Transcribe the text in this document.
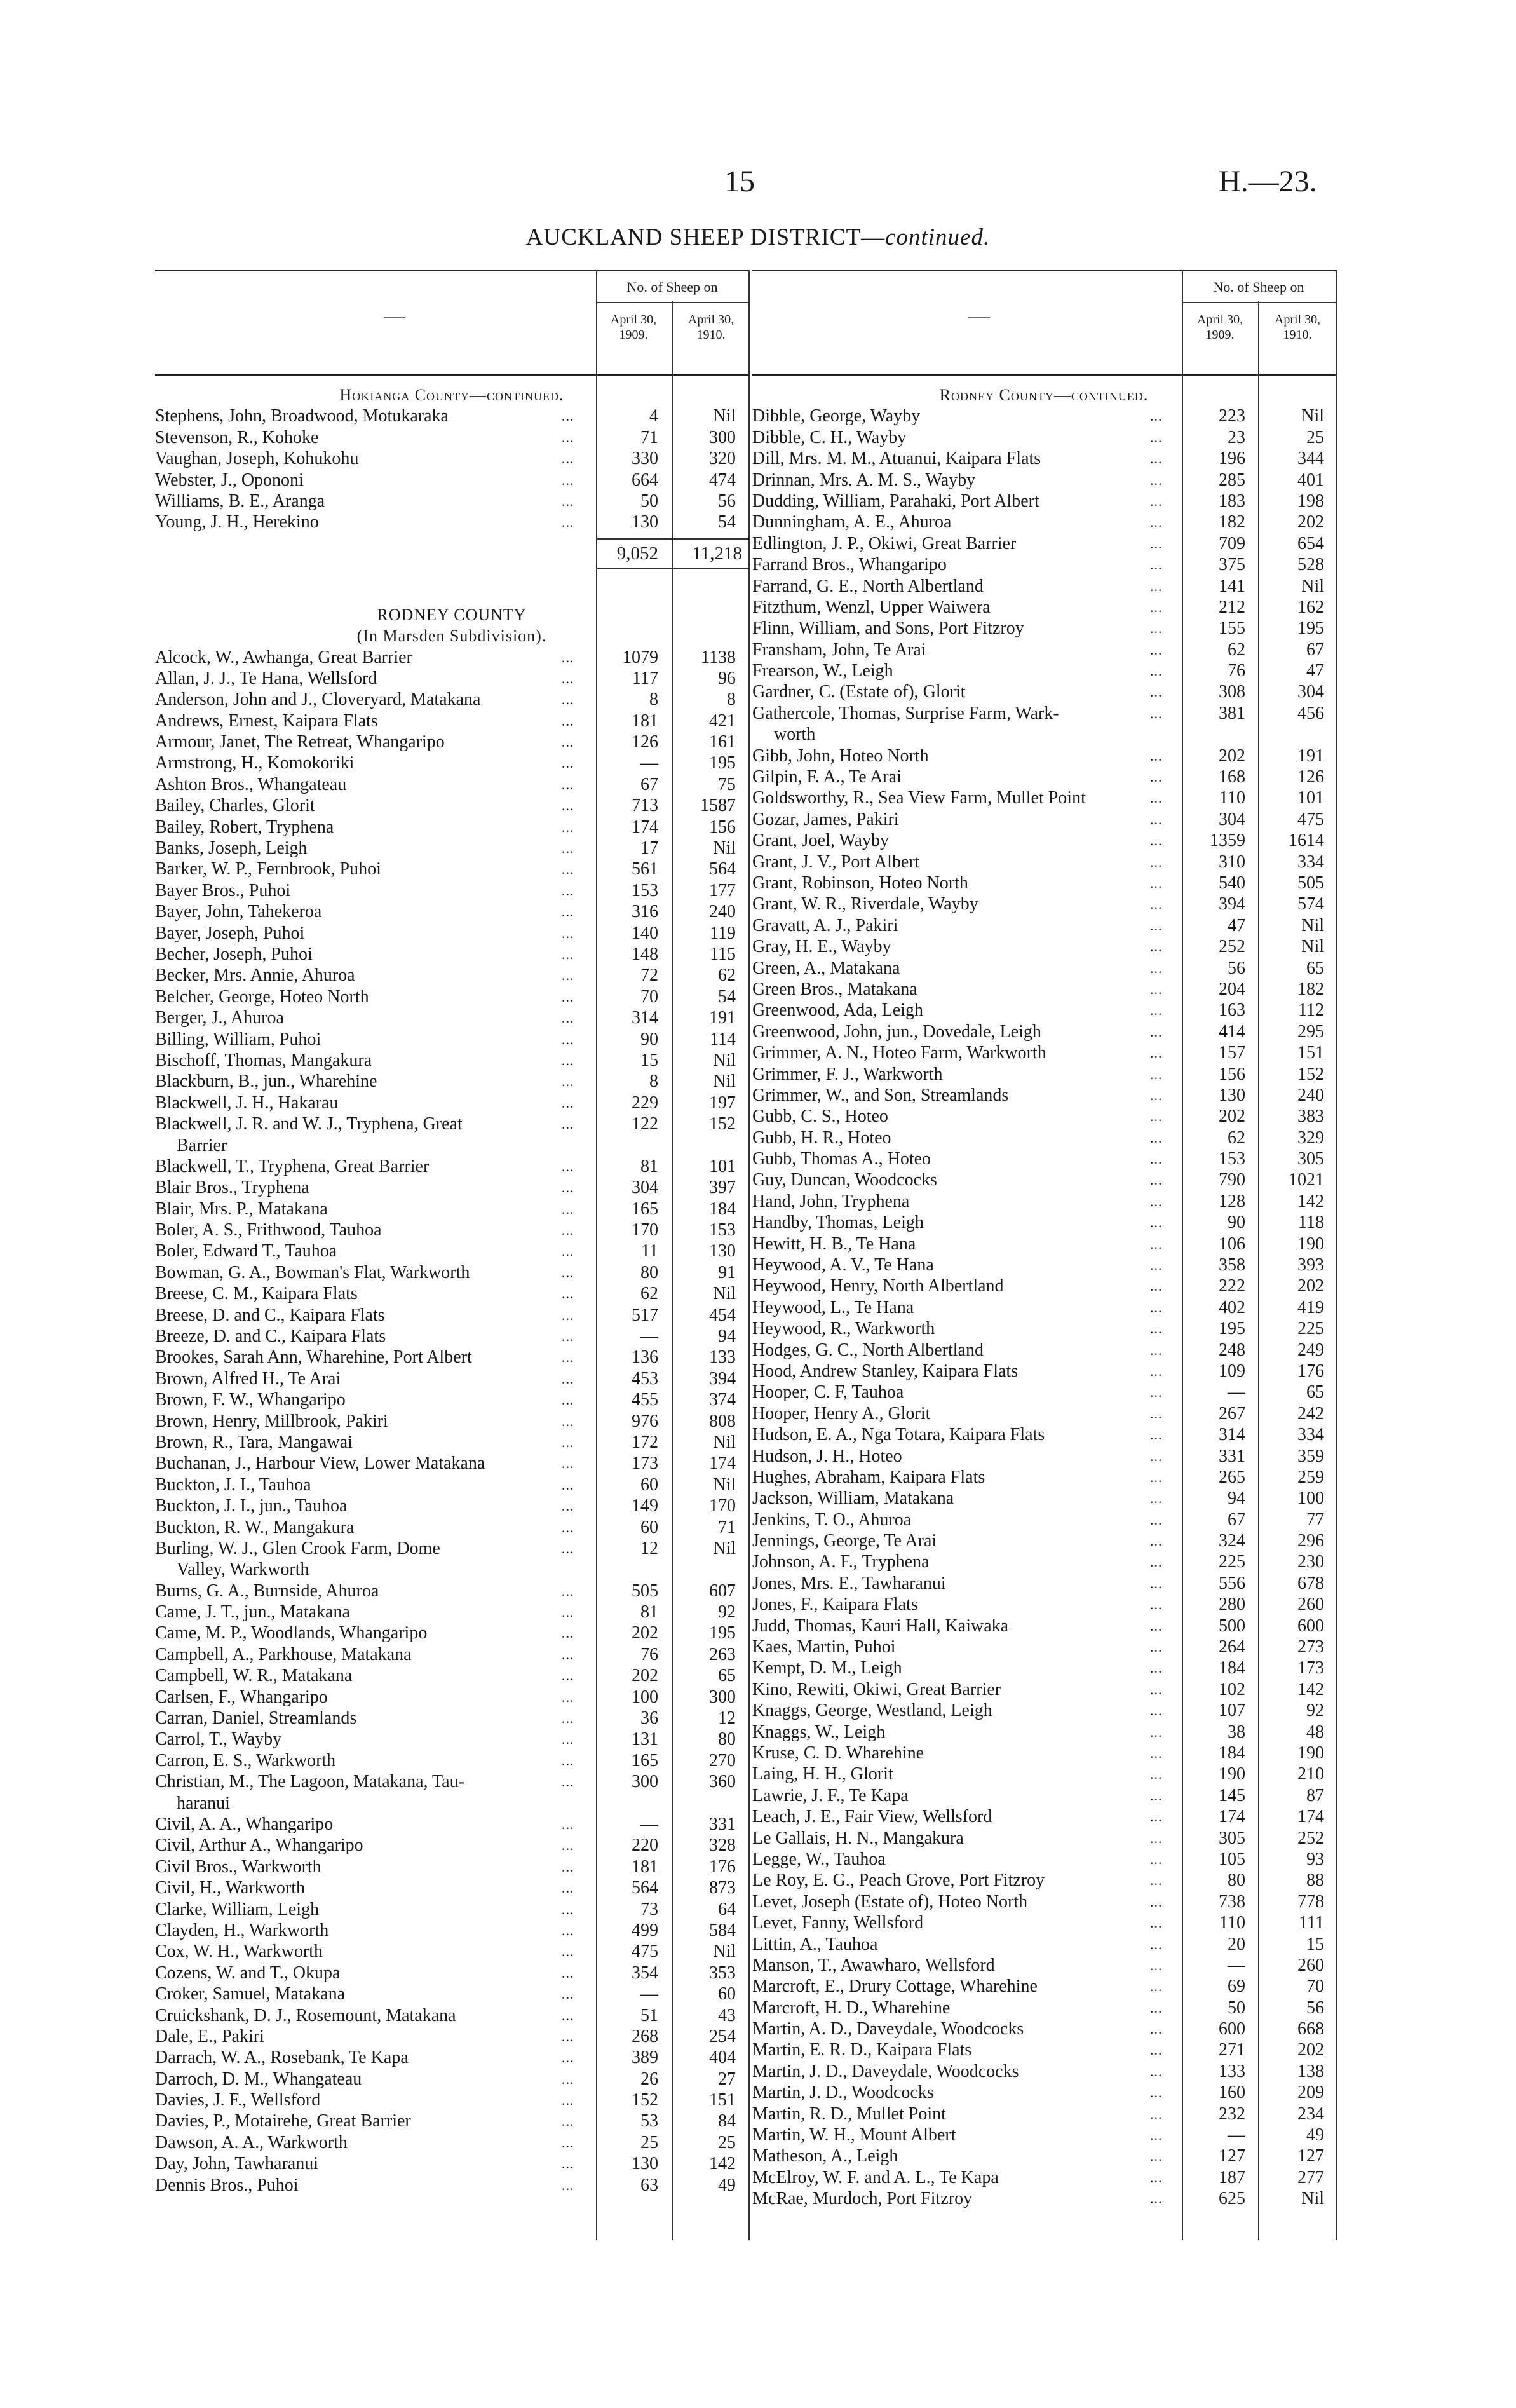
15	H.—23.
AUCKLAND SHEEP DISTRICT—continued.
—
No. of Sheep on
April 30,
1909.
April 30,
1910.
Hokianga County—continued.
Stephens, John, Broadwood, Motukaraka	...	4	Nil
Stevenson, R., Kohoke	...	71	300
Vaughan, Joseph, Kohukohu	...	330	320
Webster, J., Opononi	...	664	474
Williams, B. E., Aranga	...	50	56
Young, J. H., Herekino	...	130	54
9,052	11,218
RODNEY COUNTY
(In Marsden Subdivision).
Alcock, W., Awhanga, Great Barrier	...	1079	1138
Allan, J. J., Te Hana, Wellsford	...	117	96
Anderson, John and J., Cloveryard, Matakana	...	8	8
Andrews, Ernest, Kaipara Flats	...	181	421
Armour, Janet, The Retreat, Whangaripo	...	126	161
Armstrong, H., Komokoriki	...	—	195
Ashton Bros., Whangateau	...	67	75
Bailey, Charles, Glorit	...	713	1587
Bailey, Robert, Tryphena	...	174	156
Banks, Joseph, Leigh	...	17	Nil
Barker, W. P., Fernbrook, Puhoi	...	561	564
Bayer Bros., Puhoi	...	153	177
Bayer, John, Tahekeroa	...	316	240
Bayer, Joseph, Puhoi	...	140	119
Becher, Joseph, Puhoi	...	148	115
Becker, Mrs. Annie, Ahuroa	...	72	62
Belcher, George, Hoteo North	...	70	54
Berger, J., Ahuroa	...	314	191
Billing, William, Puhoi	...	90	114
Bischoff, Thomas, Mangakura	...	15	Nil
Blackburn, B., jun., Wharehine	...	8	Nil
Blackwell, J. H., Hakarau	...	229	197
Blackwell, J. R. and W. J., Tryphena, Great	...	122	152
Barrier
Blackwell, T., Tryphena, Great Barrier	...	81	101
Blair Bros., Tryphena	...	304	397
Blair, Mrs. P., Matakana	...	165	184
Boler, A. S., Frithwood, Tauhoa	...	170	153
Boler, Edward T., Tauhoa	...	11	130
Bowman, G. A., Bowman's Flat, Warkworth	...	80	91
Breese, C. M., Kaipara Flats	...	62	Nil
Breese, D. and C., Kaipara Flats	...	517	454
Breeze, D. and C., Kaipara Flats	...	—	94
Brookes, Sarah Ann, Wharehine, Port Albert	...	136	133
Brown, Alfred H., Te Arai	...	453	394
Brown, F. W., Whangaripo	...	455	374
Brown, Henry, Millbrook, Pakiri	...	976	808
Brown, R., Tara, Mangawai	...	172	Nil
Buchanan, J., Harbour View, Lower Matakana	...	173	174
Buckton, J. I., Tauhoa	...	60	Nil
Buckton, J. I., jun., Tauhoa	...	149	170
Buckton, R. W., Mangakura	...	60	71
Burling, W. J., Glen Crook Farm, Dome	...	12	Nil
Valley, Warkworth
Burns, G. A., Burnside, Ahuroa	...	505	607
Came, J. T., jun., Matakana	...	81	92
Came, M. P., Woodlands, Whangaripo	...	202	195
Campbell, A., Parkhouse, Matakana	...	76	263
Campbell, W. R., Matakana	...	202	65
Carlsen, F., Whangaripo	...	100	300
Carran, Daniel, Streamlands	...	36	12
Carrol, T., Wayby	...	131	80
Carron, E. S., Warkworth	...	165	270
Christian, M., The Lagoon, Matakana, Tau-	...	300	360
haranui
Civil, A. A., Whangaripo	...	—	331
Civil, Arthur A., Whangaripo	...	220	328
Civil Bros., Warkworth	...	181	176
Civil, H., Warkworth	...	564	873
Clarke, William, Leigh	...	73	64
Clayden, H., Warkworth	...	499	584
Cox, W. H., Warkworth	...	475	Nil
Cozens, W. and T., Okupa	...	354	353
Croker, Samuel, Matakana	...	—	60
Cruickshank, D. J., Rosemount, Matakana	...	51	43
Dale, E., Pakiri	...	268	254
Darrach, W. A., Rosebank, Te Kapa	...	389	404
Darroch, D. M., Whangateau	...	26	27
Davies, J. F., Wellsford	...	152	151
Davies, P., Motairehe, Great Barrier	...	53	84
Dawson, A. A., Warkworth	...	25	25
Day, John, Tawharanui	...	130	142
Dennis Bros., Puhoi	...	63	49
—
No. of Sheep on
April 30,
1909.
April 30,
1910.
Rodney County—continued.
Dibble, George, Wayby	...	223	Nil
Dibble, C. H., Wayby	...	23	25
Dill, Mrs. M. M., Atuanui, Kaipara Flats	...	196	344
Drinnan, Mrs. A. M. S., Wayby	...	285	401
Dudding, William, Parahaki, Port Albert	...	183	198
Dunningham, A. E., Ahuroa	...	182	202
Edlington, J. P., Okiwi, Great Barrier	...	709	654
Farrand Bros., Whangaripo	...	375	528
Farrand, G. E., North Albertland	...	141	Nil
Fitzthum, Wenzl, Upper Waiwera	...	212	162
Flinn, William, and Sons, Port Fitzroy	...	155	195
Fransham, John, Te Arai	...	62	67
Frearson, W., Leigh	...	76	47
Gardner, C. (Estate of), Glorit	...	308	304
Gathercole, Thomas, Surprise Farm, Wark-	...	381	456
worth
Gibb, John, Hoteo North	...	202	191
Gilpin, F. A., Te Arai	...	168	126
Goldsworthy, R., Sea View Farm, Mullet Point	...	110	101
Gozar, James, Pakiri	...	304	475
Grant, Joel, Wayby	...	1359	1614
Grant, J. V., Port Albert	...	310	334
Grant, Robinson, Hoteo North	...	540	505
Grant, W. R., Riverdale, Wayby	...	394	574
Gravatt, A. J., Pakiri	...	47	Nil
Gray, H. E., Wayby	...	252	Nil
Green, A., Matakana	...	56	65
Green Bros., Matakana	...	204	182
Greenwood, Ada, Leigh	...	163	112
Greenwood, John, jun., Dovedale, Leigh	...	414	295
Grimmer, A. N., Hoteo Farm, Warkworth	...	157	151
Grimmer, F. J., Warkworth	...	156	152
Grimmer, W., and Son, Streamlands	...	130	240
Gubb, C. S., Hoteo	...	202	383
Gubb, H. R., Hoteo	...	62	329
Gubb, Thomas A., Hoteo	...	153	305
Guy, Duncan, Woodcocks	...	790	1021
Hand, John, Tryphena	...	128	142
Handby, Thomas, Leigh	...	90	118
Hewitt, H. B., Te Hana	...	106	190
Heywood, A. V., Te Hana	...	358	393
Heywood, Henry, North Albertland	...	222	202
Heywood, L., Te Hana	...	402	419
Heywood, R., Warkworth	...	195	225
Hodges, G. C., North Albertland	...	248	249
Hood, Andrew Stanley, Kaipara Flats	...	109	176
Hooper, C. F, Tauhoa	...	—	65
Hooper, Henry A., Glorit	...	267	242
Hudson, E. A., Nga Totara, Kaipara Flats	...	314	334
Hudson, J. H., Hoteo	...	331	359
Hughes, Abraham, Kaipara Flats	...	265	259
Jackson, William, Matakana	...	94	100
Jenkins, T. O., Ahuroa	...	67	77
Jennings, George, Te Arai	...	324	296
Johnson, A. F., Tryphena	...	225	230
Jones, Mrs. E., Tawharanui	...	556	678
Jones, F., Kaipara Flats	...	280	260
Judd, Thomas, Kauri Hall, Kaiwaka	...	500	600
Kaes, Martin, Puhoi	...	264	273
Kempt, D. M., Leigh	...	184	173
Kino, Rewiti, Okiwi, Great Barrier	...	102	142
Knaggs, George, Westland, Leigh	...	107	92
Knaggs, W., Leigh	...	38	48
Kruse, C. D. Wharehine	...	184	190
Laing, H. H., Glorit	...	190	210
Lawrie, J. F., Te Kapa	...	145	87
Leach, J. E., Fair View, Wellsford	...	174	174
Le Gallais, H. N., Mangakura	...	305	252
Legge, W., Tauhoa	...	105	93
Le Roy, E. G., Peach Grove, Port Fitzroy	...	80	88
Levet, Joseph (Estate of), Hoteo North	...	738	778
Levet, Fanny, Wellsford	...	110	111
Littin, A., Tauhoa	...	20	15
Manson, T., Awawharo, Wellsford	...	—	260
Marcroft, E., Drury Cottage, Wharehine	...	69	70
Marcroft, H. D., Wharehine	...	50	56
Martin, A. D., Daveydale, Woodcocks	...	600	668
Martin, E. R. D., Kaipara Flats	...	271	202
Martin, J. D., Daveydale, Woodcocks	...	133	138
Martin, J. D., Woodcocks	...	160	209
Martin, R. D., Mullet Point	...	232	234
Martin, W. H., Mount Albert	...	—	49
Matheson, A., Leigh	...	127	127
McElroy, W. F. and A. L., Te Kapa	...	187	277
McRae, Murdoch, Port Fitzroy	...	625	Nil
